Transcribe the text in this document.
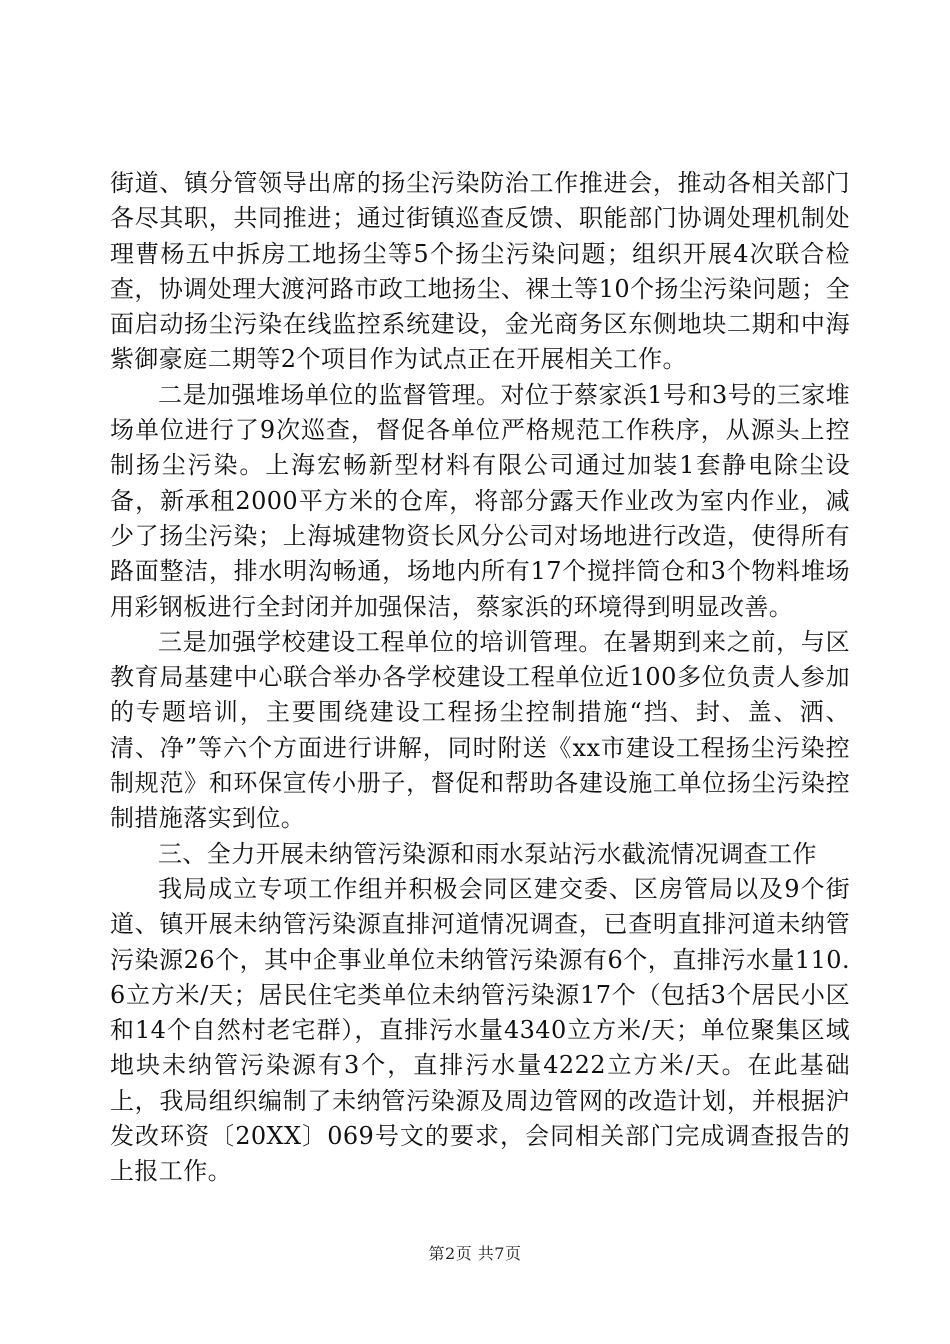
街道、镇分管领导出席的扬尘污染防治工作推进会，推动各相关部门各尽其职，共同推进；通过街镇巡查反馈、职能部门协调处理机制处理曹杨五中拆房工地扬尘等5个扬尘污染问题；组织开展4次联合检查，协调处理大渡河路市政工地扬尘、裸土等10个扬尘污染问题；全面启动扬尘污染在线监控系统建设，金光商务区东侧地块二期和中海紫御豪庭二期等2个项目作为试点正在开展相关工作。

二是加强堆场单位的监督管理。对位于蔡家浜1号和3号的三家堆场单位进行了9次巡查，督促各单位严格规范工作秩序，从源头上控制扬尘污染。上海宏畅新型材料有限公司通过加装1套静电除尘设备，新承租2000平方米的仓库，将部分露天作业改为室内作业，减少了扬尘污染；上海城建物资长风分公司对场地进行改造，使得所有路面整洁，排水明沟畅通，场地内所有17个搅拌筒仓和3个物料堆场用彩钢板进行全封闭并加强保洁，蔡家浜的环境得到明显改善。

三是加强学校建设工程单位的培训管理。在暑期到来之前，与区教育局基建中心联合举办各学校建设工程单位近100多位负责人参加的专题培训，主要围绕建设工程扬尘控制措施“挡、封、盖、洒、清、净”等六个方面进行讲解，同时附送《xx市建设工程扬尘污染控制规范》和环保宣传小册子，督促和帮助各建设施工单位扬尘污染控制措施落实到位。

三、全力开展未纳管污染源和雨水泵站污水截流情况调查工作

我局成立专项工作组并积极会同区建交委、区房管局以及9个街道、镇开展未纳管污染源直排河道情况调查，已查明直排河道未纳管污染源26个，其中企事业单位未纳管污染源有6个，直排污水量110.6立方米/天；居民住宅类单位未纳管污染源17个（包括3个居民小区和14个自然村老宅群），直排污水量4340立方米/天；单位聚集区域地块未纳管污染源有3个，直排污水量4222立方米/天。在此基础上，我局组织编制了未纳管污染源及周边管网的改造计划，并根据沪发改环资〔20XX〕069号文的要求，会同相关部门完成调查报告的上报工作。

第2页 共7页
